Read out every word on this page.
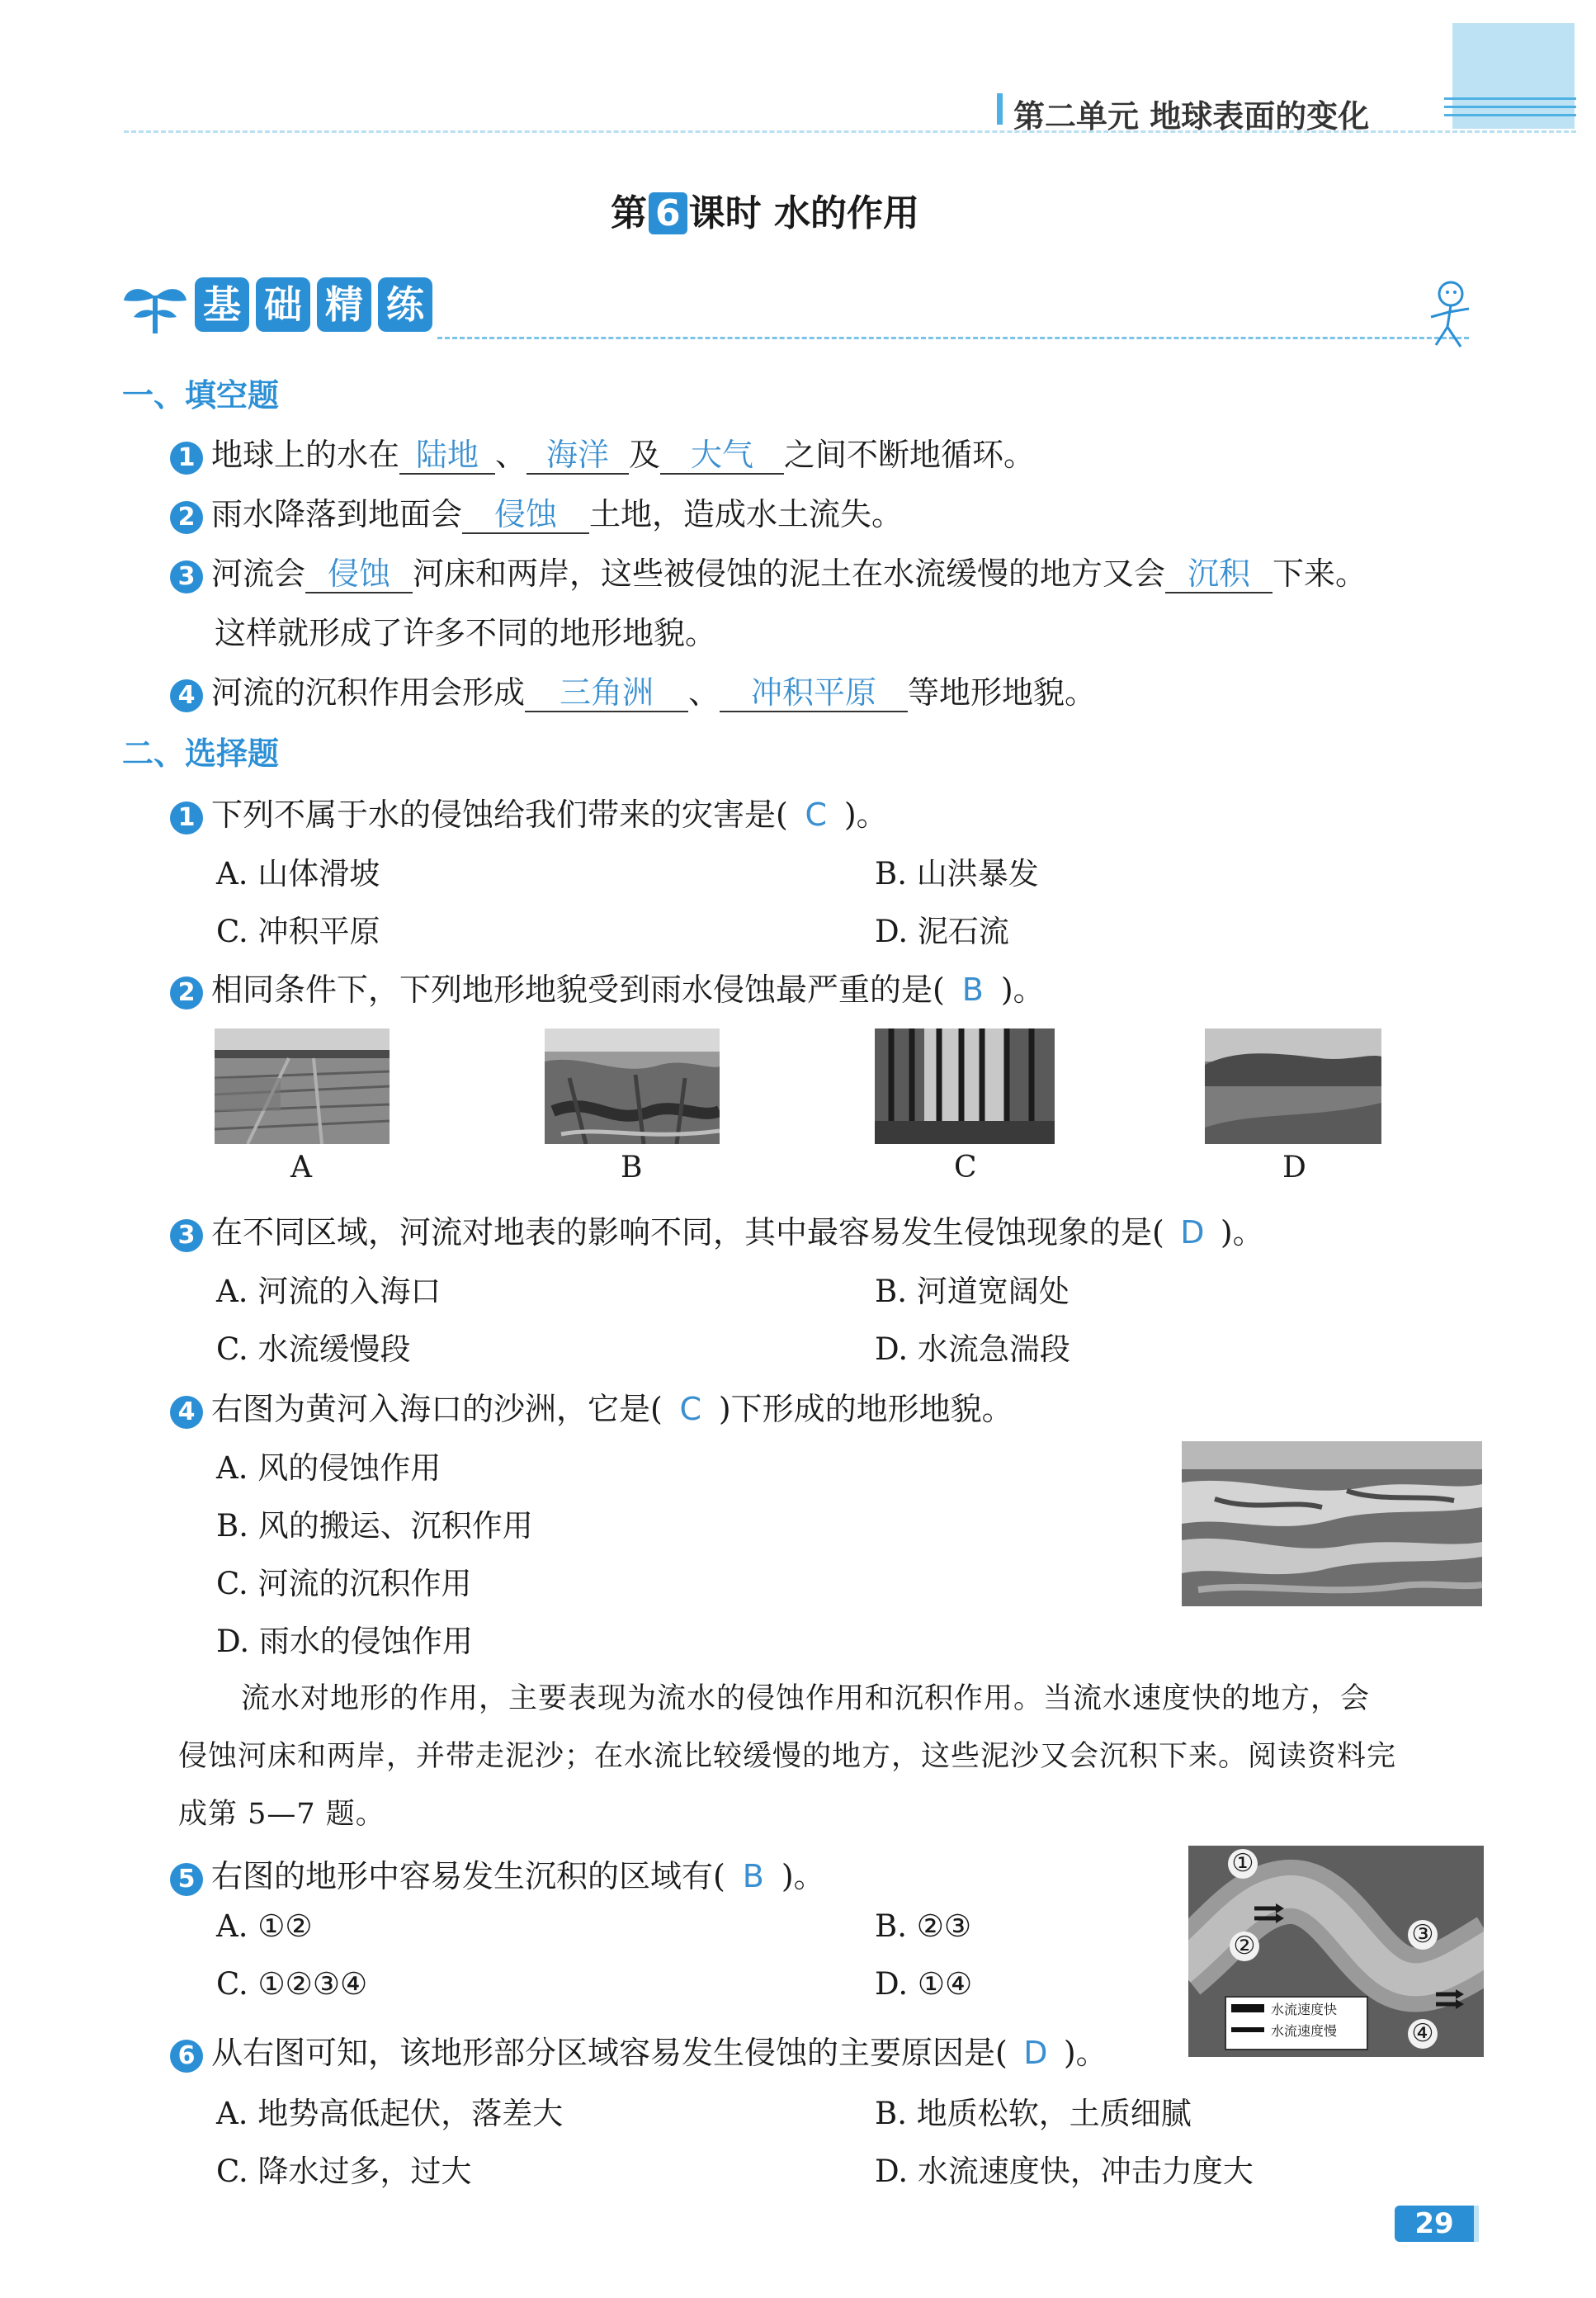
第二单元 地球表面的变化
第 6 课时 水的作用
基 础 精 练
一、填空题
1 地球上的水在 陆地 、 海洋 及 大气 之间不断地循环。
2 雨水降落到地面会 侵蚀 土地，造成水土流失。
3 河流会 侵蚀 河床和两岸，这些被侵蚀的泥土在水流缓慢的地方又会 沉积 下来。
这样就形成了许多不同的地形地貌。
4 河流的沉积作用会形成 三角洲 、 冲积平原 等地形地貌。
二、选择题
1 下列不属于水的侵蚀给我们带来的灾害是( C )。
A. 山体滑坡	B. 山洪暴发
C. 冲积平原	D. 泥石流
2 相同条件下，下列地形地貌受到雨水侵蚀最严重的是( B )。
A	B	C	D
3 在不同区域，河流对地表的影响不同，其中最容易发生侵蚀现象的是( D )。
A. 河流的入海口	B. 河道宽阔处
C. 水流缓慢段	D. 水流急湍段
4 右图为黄河入海口的沙洲，它是( C )下形成的地形地貌。
A. 风的侵蚀作用
B. 风的搬运、沉积作用
C. 河流的沉积作用
D. 雨水的侵蚀作用
流水对地形的作用，主要表现为流水的侵蚀作用和沉积作用。当流水速度快的地方，会
侵蚀河床和两岸，并带走泥沙；在水流比较缓慢的地方，这些泥沙又会沉积下来。阅读资料完
成第 5—7 题。
5 右图的地形中容易发生沉积的区域有( B )。
A. ①②	B. ②③
C. ①②③④	D. ①④
①
②	③
④
水流速度快
水流速度慢
6 从右图可知，该地形部分区域容易发生侵蚀的主要原因是( D )。
A. 地势高低起伏，落差大	B. 地质松软，土质细腻
C. 降水过多，过大	D. 水流速度快，冲击力度大
29
